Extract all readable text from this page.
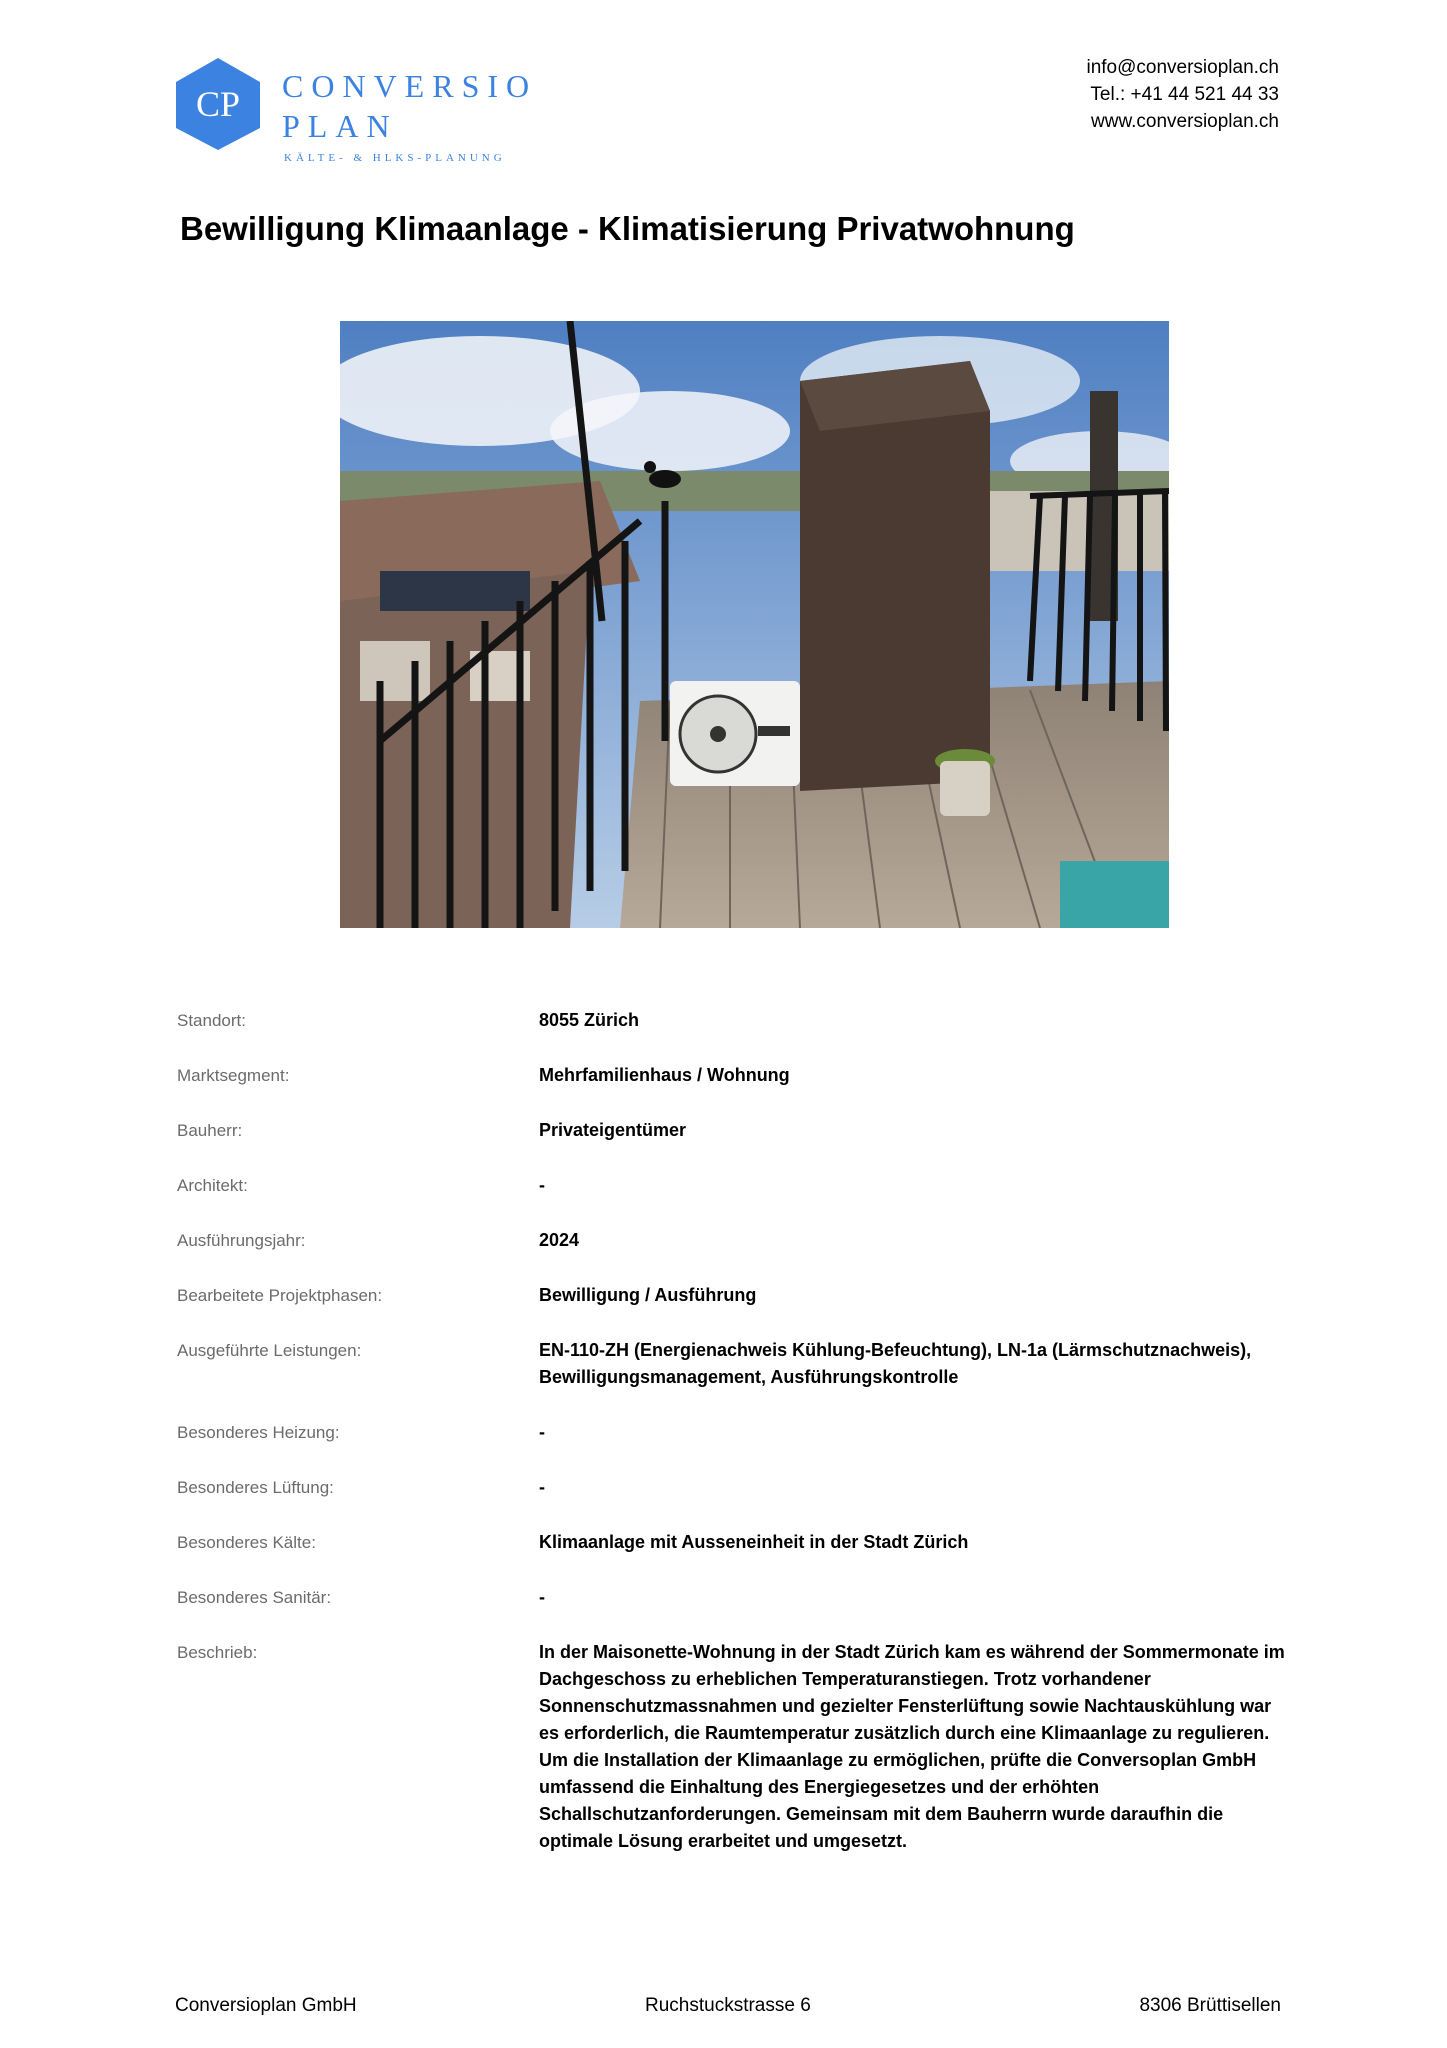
CP	CONVERSIO
PLAN
KÄLTE- & HLKS-PLANUNG
info@conversioplan.ch
Tel.: +41 44 521 44 33
www.conversioplan.ch
Bewilligung Klimaanlage - Klimatisierung Privatwohnung
Standort:	8055 Zürich
Marktsegment:	Mehrfamilienhaus / Wohnung
Bauherr:	Privateigentümer
Architekt:	-
Ausführungsjahr:	2024
Bearbeitete Projektphasen:	Bewilligung / Ausführung
Ausgeführte Leistungen:	EN-110-ZH (Energienachweis Kühlung-Befeuchtung), LN-1a (Lärmschutznachweis), Bewilligungsmanagement, Ausführungskontrolle
Besonderes Heizung:	-
Besonderes Lüftung:	-
Besonderes Kälte:	Klimaanlage mit Ausseneinheit in der Stadt Zürich
Besonderes Sanitär:	-
Beschrieb:	In der Maisonette-Wohnung in der Stadt Zürich kam es während der Sommermonate im Dachgeschoss zu erheblichen Temperaturanstiegen. Trotz vorhandener Sonnenschutzmassnahmen und gezielter Fensterlüftung sowie Nachtauskühlung war es erforderlich, die Raumtemperatur zusätzlich durch eine Klimaanlage zu regulieren. Um die Installation der Klimaanlage zu ermöglichen, prüfte die Conversoplan GmbH umfassend die Einhaltung des Energiegesetzes und der erhöhten Schallschutzanforderungen. Gemeinsam mit dem Bauherrn wurde daraufhin die optimale Lösung erarbeitet und umgesetzt.
Conversioplan GmbH	Ruchstuckstrasse 6	8306 Brüttisellen
